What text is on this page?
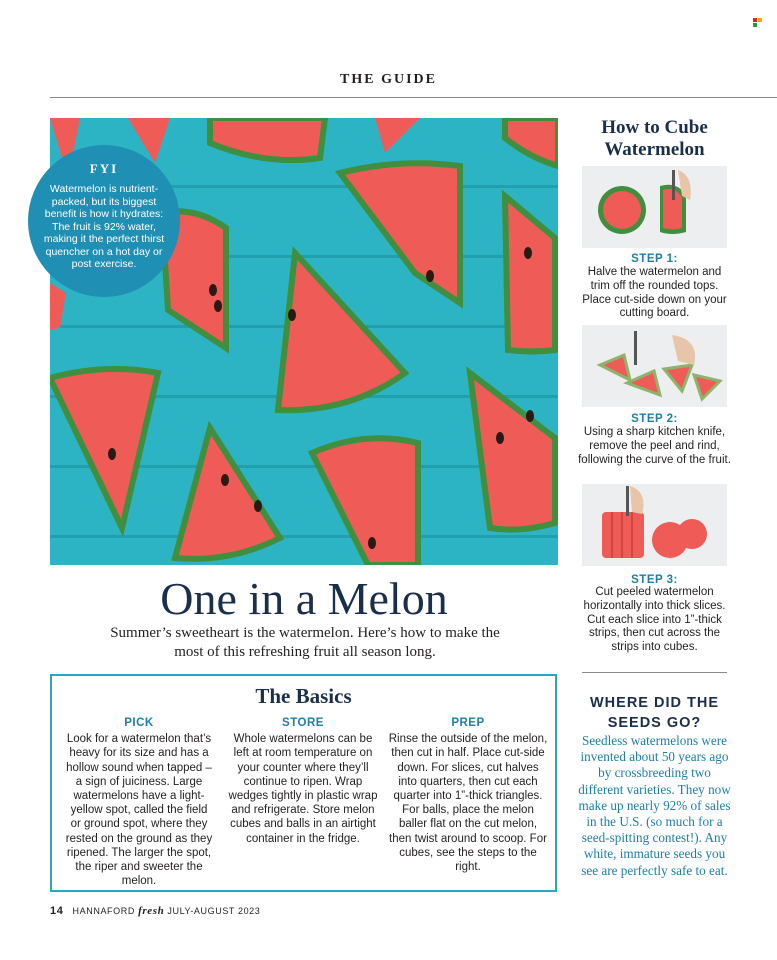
THE GUIDE
FYI
Watermelon is nutrient-packed, but its biggest benefit is how it hydrates: The fruit is 92% water, making it the perfect thirst quencher on a hot day or post exercise.
One in a Melon
Summer’s sweetheart is the watermelon. Here’s how to make the most of this refreshing fruit all season long.
The Basics
PICK
Look for a watermelon that’s heavy for its size and has a hollow sound when tapped – a sign of juiciness. Large watermelons have a light-yellow spot, called the field or ground spot, where they rested on the ground as they ripened. The larger the spot, the riper and sweeter the melon.
STORE
Whole watermelons can be left at room temperature on your counter where they’ll continue to ripen. Wrap wedges tightly in plastic wrap and refrigerate. Store melon cubes and balls in an airtight container in the fridge.
PREP
Rinse the outside of the melon, then cut in half. Place cut-side down. For slices, cut halves into quarters, then cut each quarter into 1”-thick triangles. For balls, place the melon baller flat on the cut melon, then twist around to scoop. For cubes, see the steps to the right.
14 HANNAFORD fresh JULY-AUGUST 2023
How to Cube Watermelon
STEP 1:
Halve the watermelon and trim off the rounded tops. Place cut-side down on your cutting board.
STEP 2:
Using a sharp kitchen knife, remove the peel and rind, following the curve of the fruit.
STEP 3:
Cut peeled watermelon horizontally into thick slices. Cut each slice into 1”-thick strips, then cut across the strips into cubes.
WHERE DID THE SEEDS GO?
Seedless watermelons were invented about 50 years ago by crossbreeding two different varieties. They now make up nearly 92% of sales in the U.S. (so much for a seed-spitting contest!). Any white, immature seeds you see are perfectly safe to eat.
